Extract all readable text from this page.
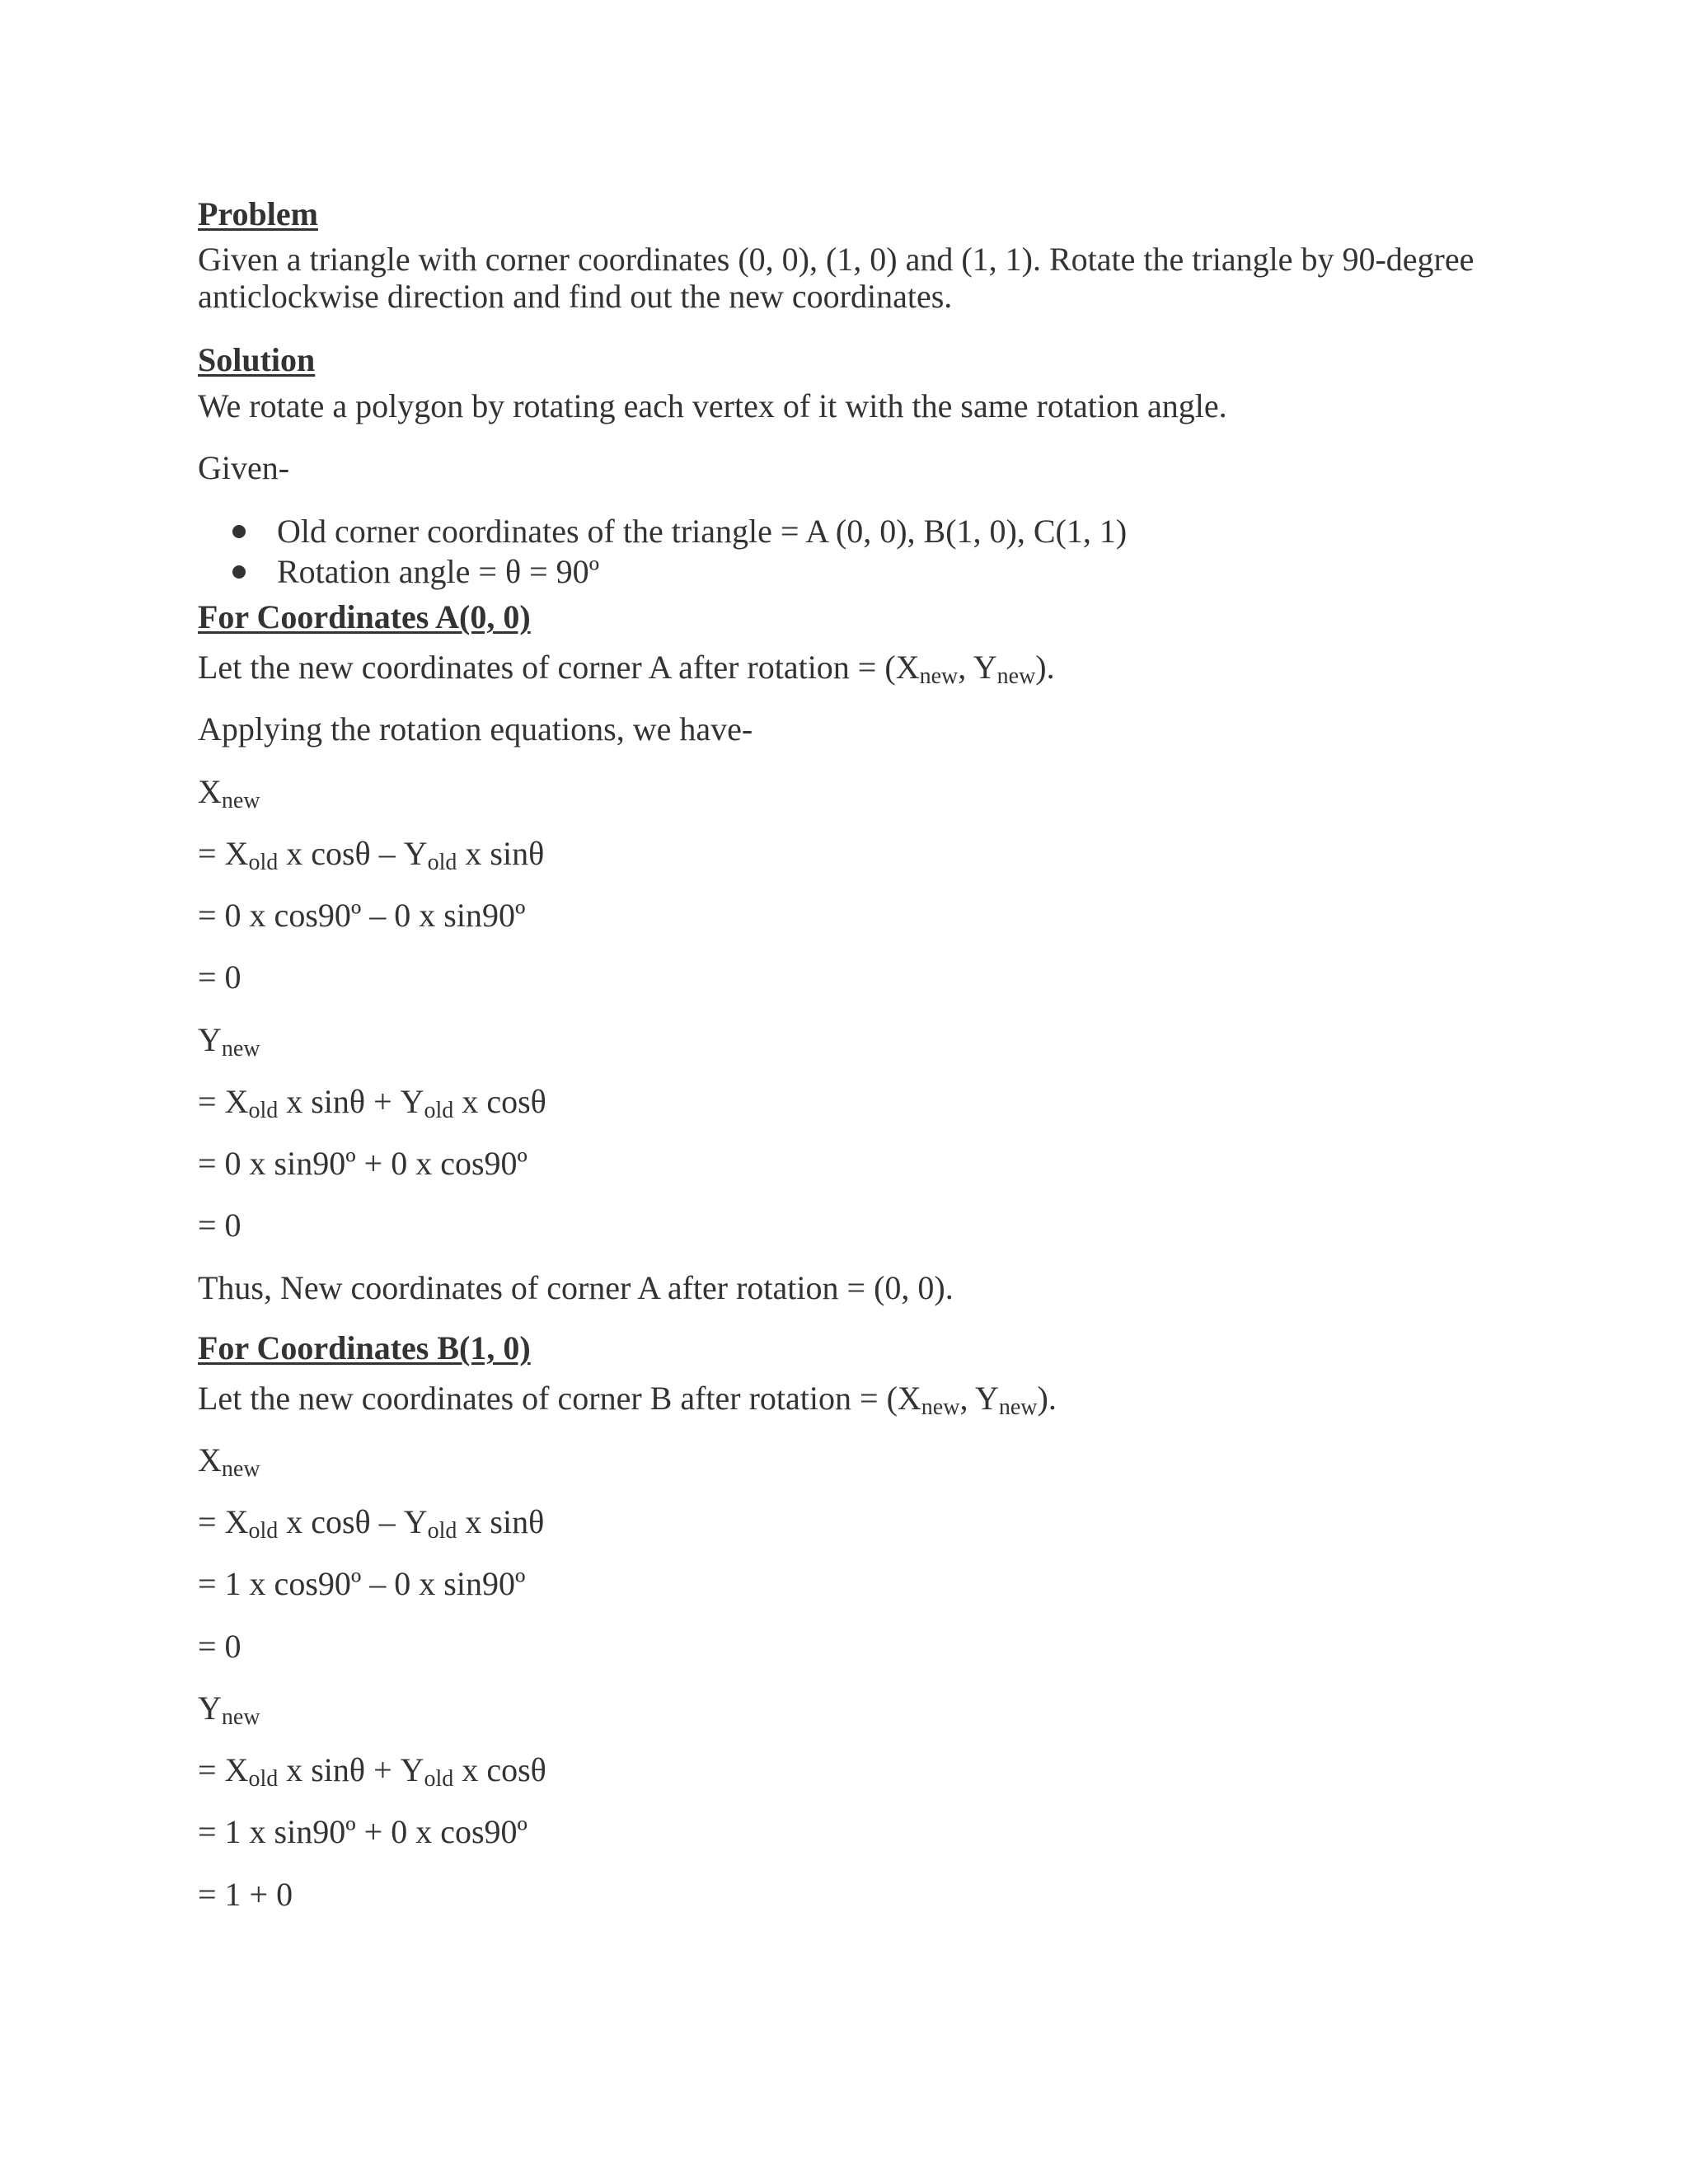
Problem

Given a triangle with corner coordinates (0, 0), (1, 0) and (1, 1). Rotate the triangle by 90-degree

anticlockwise direction and find out the new coordinates.

Solution

We rotate a polygon by rotating each vertex of it with the same rotation angle.

Given-

Old corner coordinates of the triangle = A (0, 0), B(1, 0), C(1, 1)

Rotation angle = θ = 90º

For Coordinates A(0, 0)

Let the new coordinates of corner A after rotation = ($X_{new}$, $Y_{new}$).

Applying the rotation equations, we have-

$X_{new}$

= $X_{old}$ x cosθ – $Y_{old}$ x sinθ

= 0 x cos90º – 0 x sin90º

= 0

$Y_{new}$

= $X_{old}$ x $\sin\theta + Y_{old}$ x cosθ

= 0 x sin90º + 0 x cos90º

= 0

Thus, New coordinates of corner A after rotation = (0, 0).

For Coordinates B(1, 0)

Let the new coordinates of corner B after rotation = ($X_{new}$, $Y_{new}$).

$X_{new}$

= $X_{old}$ x cosθ – $Y_{old}$ x sinθ

= 1 x cos90º – 0 x sin90º

= 0

$Y_{new}$

= $X_{old}$ x $\sin\theta + Y_{old}$ x cosθ

= 1 x sin90º + 0 x cos90º

= 1 + 0
